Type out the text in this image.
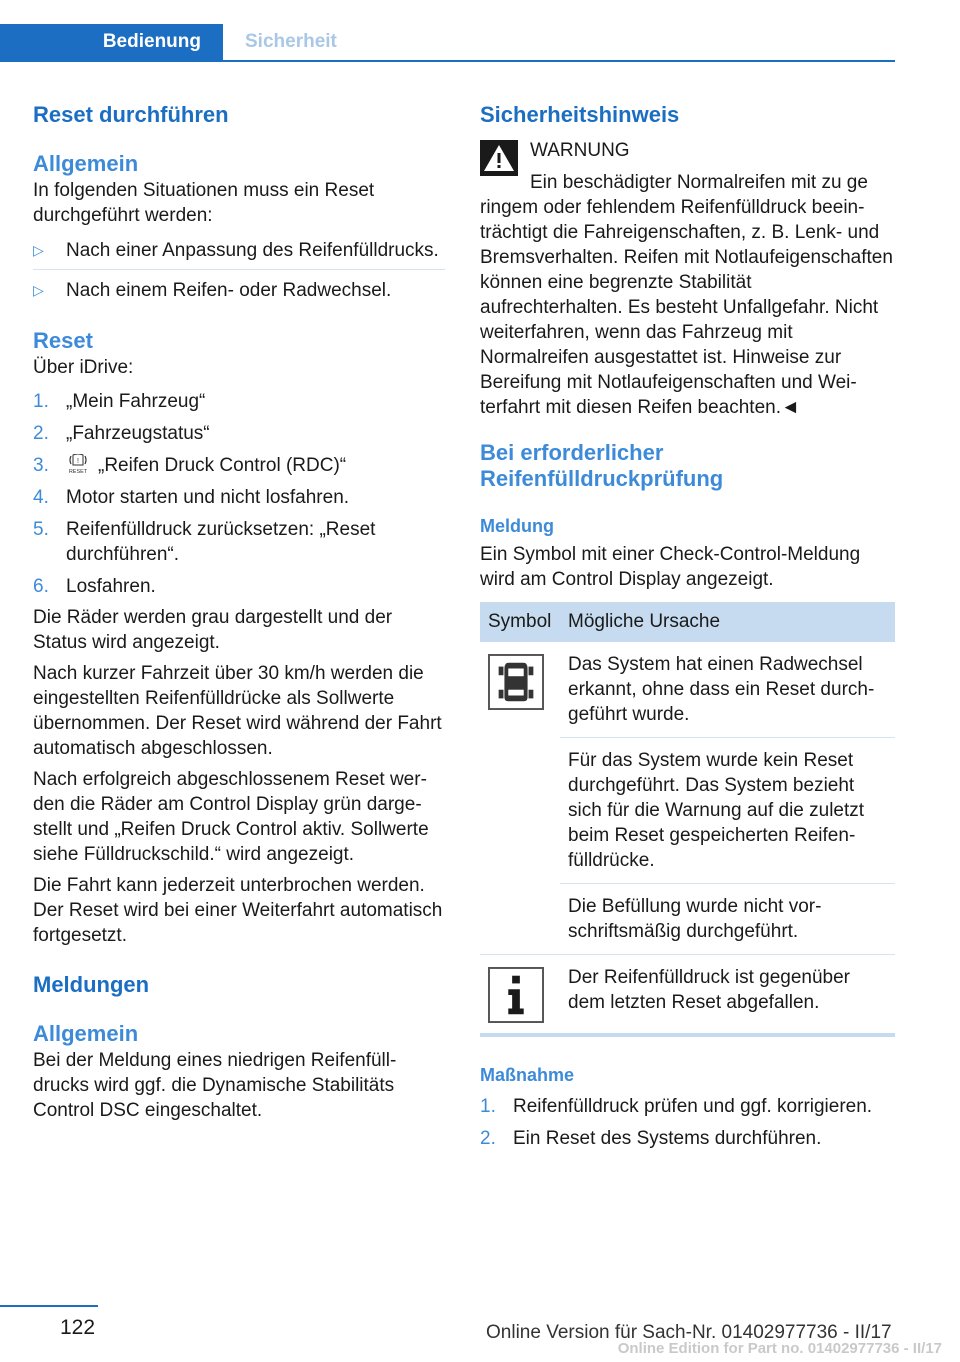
Bedienung	Sicherheit
Reset durchführen
Allgemein
In folgenden Situationen muss ein Reset durchgeführt werden:
▷ Nach einer Anpassung des Reifenfülldrucks.
▷ Nach einem Reifen- oder Radwechsel.
Reset
Über iDrive:
1. „Mein Fahrzeug“
2. „Fahrzeugstatus“
3.	!
RESET „Reifen Druck Control (RDC)“
4. Motor starten und nicht losfahren.
5. Reifenfülldruck zurücksetzen: „Reset durchführen“.
6. Losfahren.
Die Räder werden grau dargestellt und der Status wird angezeigt.
Nach kurzer Fahrzeit über 30 km/h werden die eingestellten Reifenfülldrücke als Sollwerte übernommen. Der Reset wird während der Fahrt automatisch abgeschlossen.
Nach erfolgreich abgeschlossenem Reset werden die Räder am Control Display grün dargestellt und „Reifen Druck Control aktiv. Sollwerte siehe Fülldruckschild.“ wird angezeigt.
Die Fahrt kann jederzeit unterbrochen werden. Der Reset wird bei einer Weiterfahrt automatisch fortgesetzt.
Meldungen
Allgemein
Bei der Meldung eines niedrigen Reifenfülldrucks wird ggf. die Dynamische Stabilitäts Control DSC eingeschaltet.
Sicherheitshinweis
WARNUNG
Ein beschädigter Normalreifen mit zu ge
ringem oder fehlendem Reifenfülldruck beeinträchtigt die Fahreigenschaften, z. B. Lenk- und Bremsverhalten. Reifen mit Notlaufeigenschaften können eine begrenzte Stabilität aufrechterhalten. Es besteht Unfallgefahr. Nicht weiterfahren, wenn das Fahrzeug mit Normalreifen ausgestattet ist. Hinweise zur Bereifung mit Notlaufeigenschaften und Weiterfahrt mit diesen Reifen beachten.◄
Bei erforderlicher Reifenfülldruckprüfung
Meldung
Ein Symbol mit einer Check-Control-Meldung wird am Control Display angezeigt.
Symbol	Mögliche Ursache

	Das System hat einen Radwechsel erkannt, ohne dass ein Reset durchgeführt wurde.
	Für das System wurde kein Reset durchgeführt. Das System bezieht sich für die Warnung auf die zuletzt beim Reset gespeicherten Reifenfülldrücke.
	Die Befüllung wurde nicht vorschriftsmäßig durchgeführt.

	Der Reifenfülldruck ist gegenüber dem letzten Reset abgefallen.
Maßnahme
1. Reifenfülldruck prüfen und ggf. korrigieren.
2. Ein Reset des Systems durchführen.
122	Online Version für Sach-Nr. 01402977736 - II/17
Online Edition for Part no. 01402977736 - II/17
